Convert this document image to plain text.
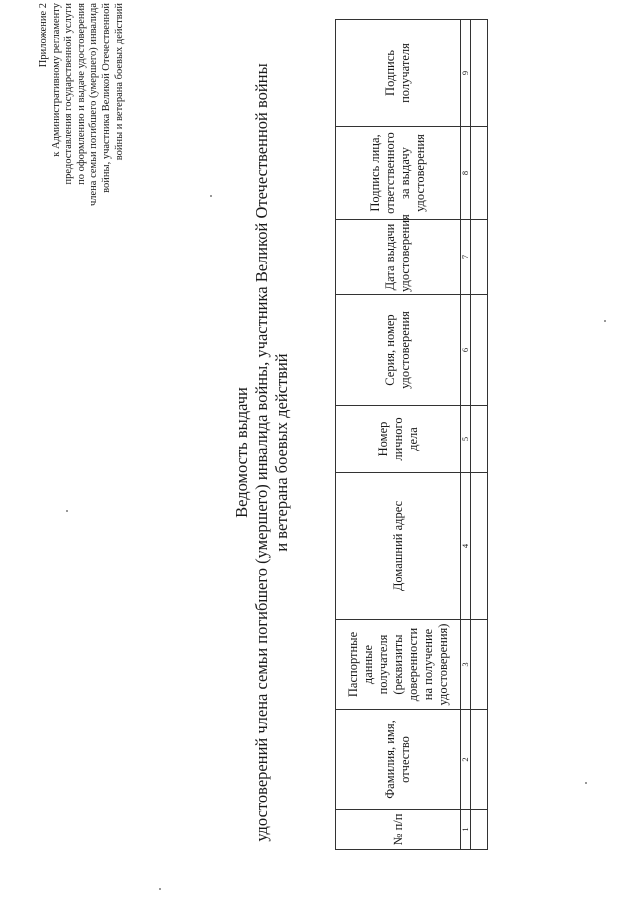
Приложение 2 к Административному регламенту предоставления государственной услуги по оформлению и выдаче удостоверения члена семьи погибшего (умершего) инвалида войны, участника Великой Отечественной войны и ветерана боевых действий
Ведомость выдачи удостоверений члена семьи погибшего (умершего) инвалида войны, участника Великой Отечественной войны и ветерана боевых действий
№ п/п	Фамилия, имя, отчество	Паспортные данные получателя (реквизиты доверенности на получение удостоверения)	Домашний адрес	Номер личного дела	Серия, номер удостоверения	Дата выдачи удостоверения	Подпись лица, ответственного за выдачу удостоверения	Подпись получателя
1	2	3	4	5	6	7	8	9
